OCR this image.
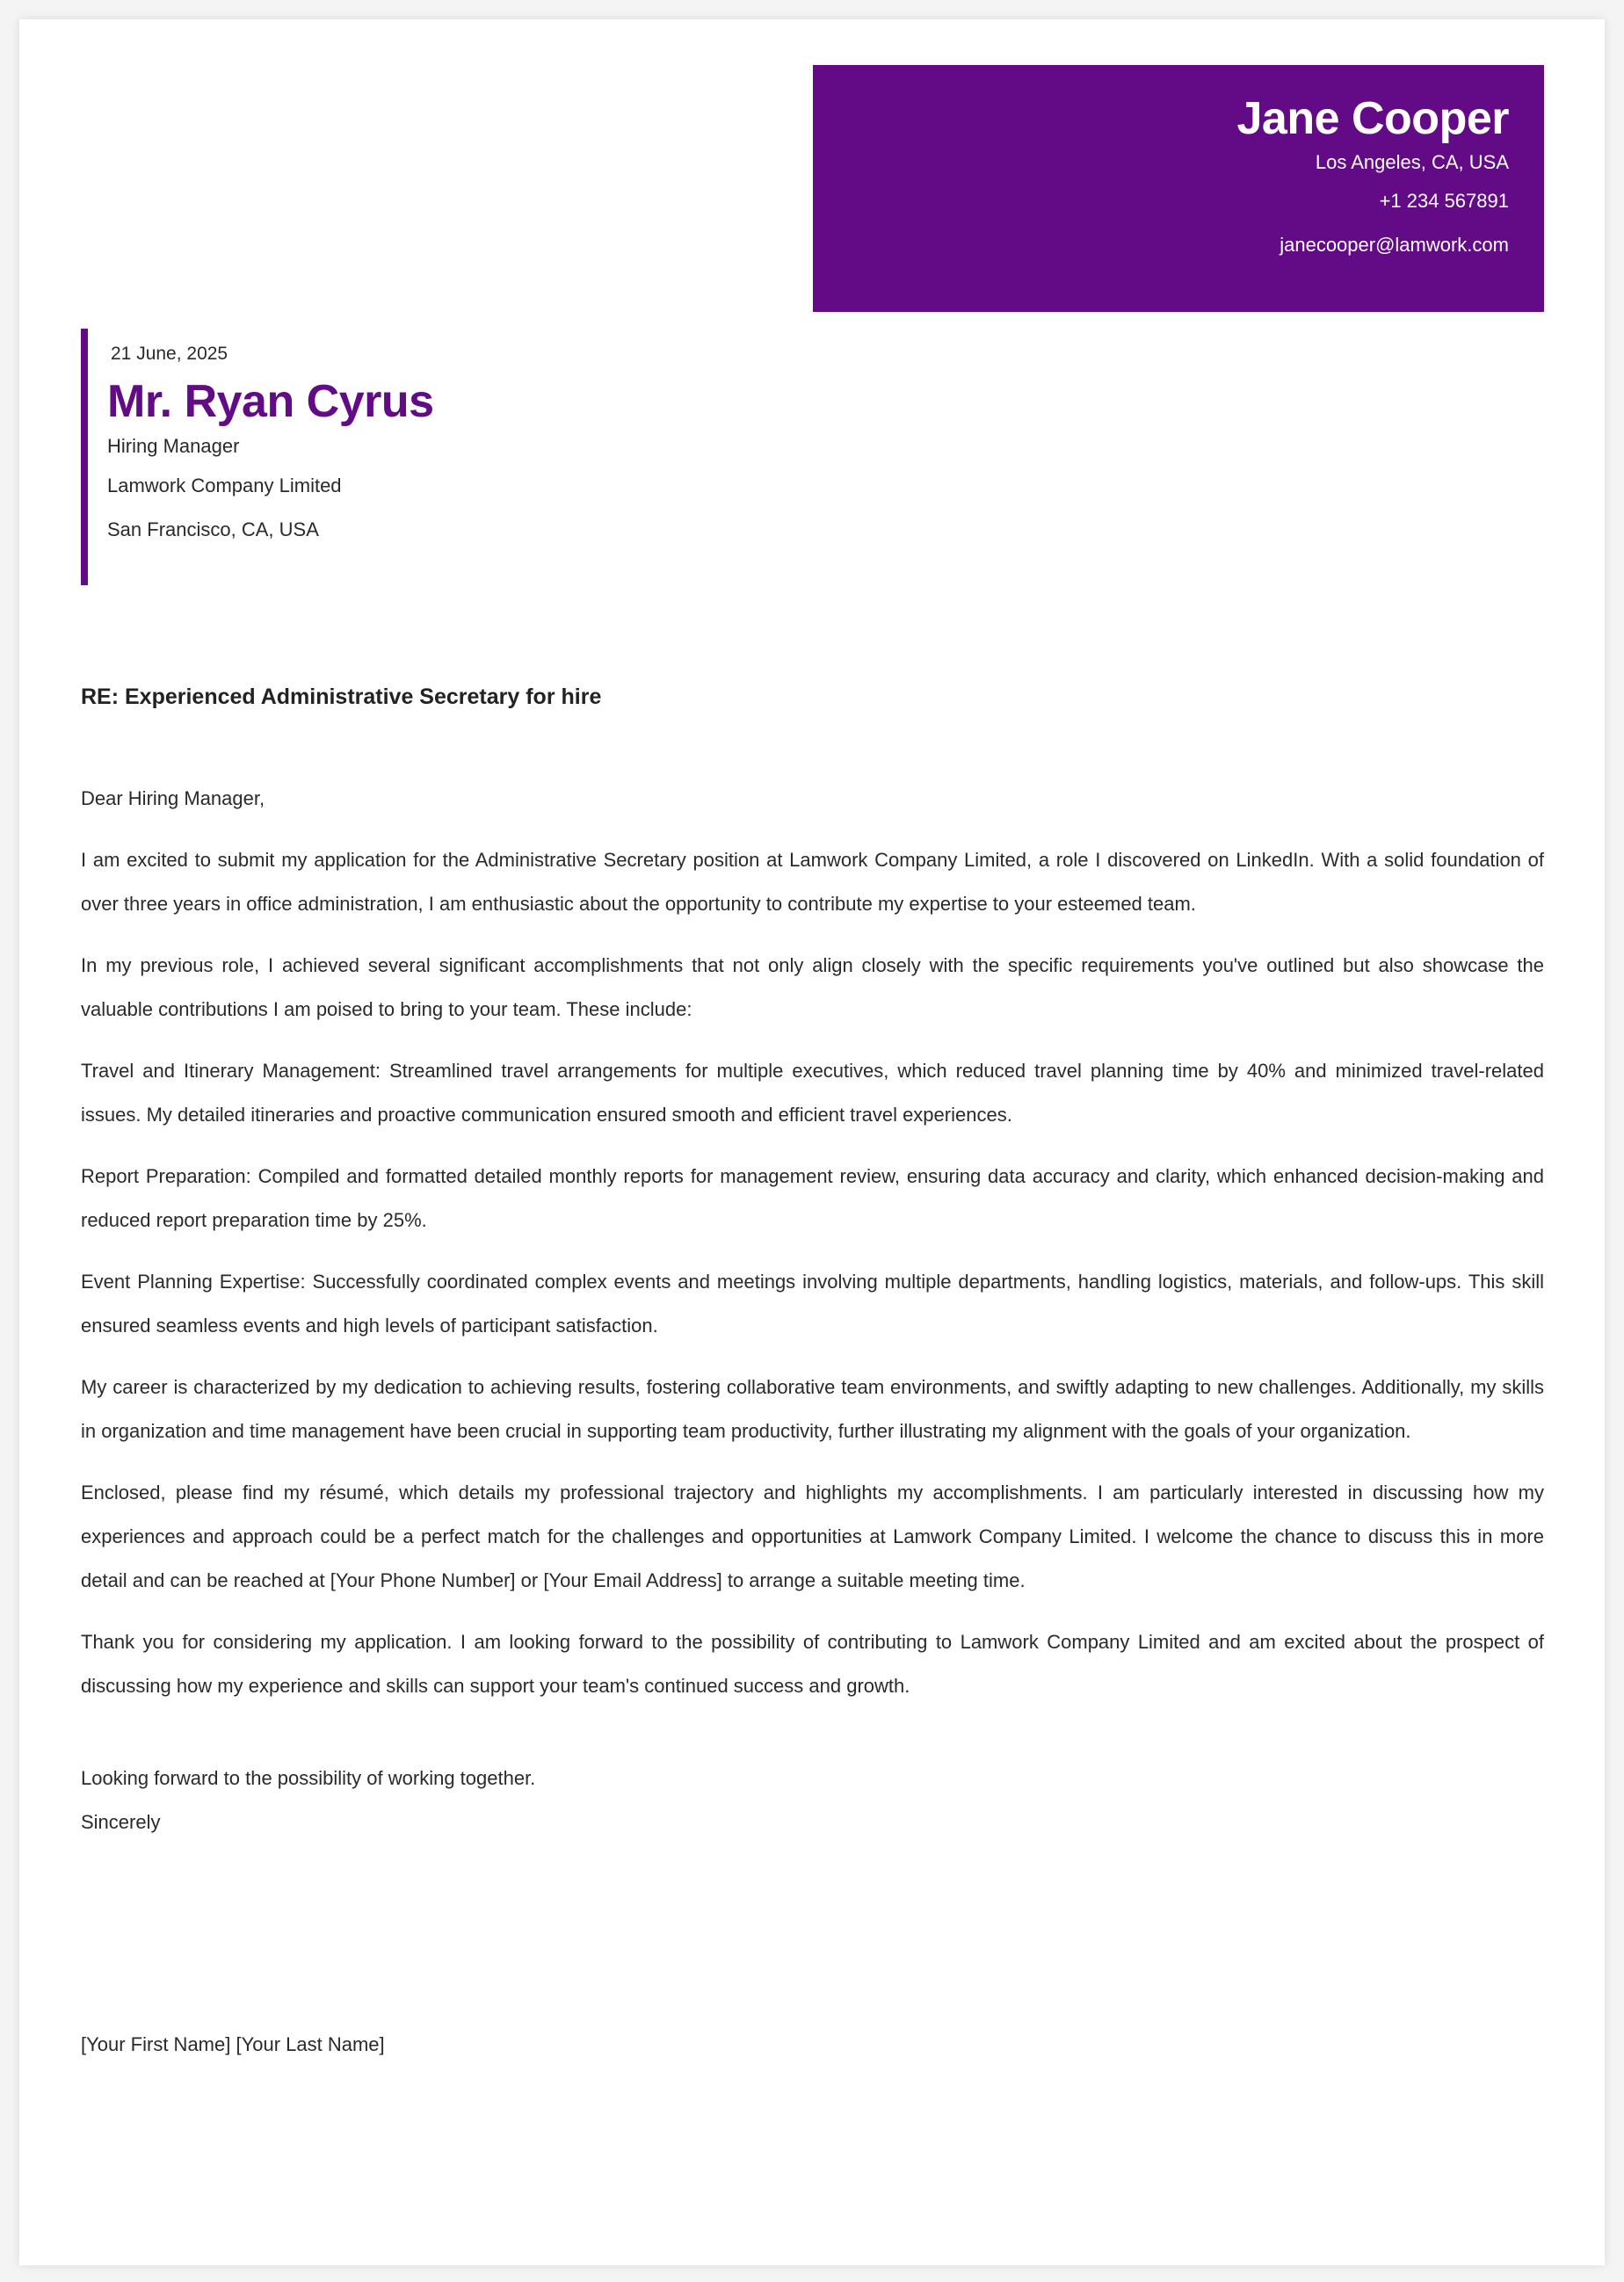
Jane Cooper
Los Angeles, CA, USA
+1 234 567891
janecooper@lamwork.com
21 June, 2025
Mr. Ryan Cyrus
Hiring Manager
Lamwork Company Limited
San Francisco, CA, USA
RE: Experienced Administrative Secretary for hire

Dear Hiring Manager,

I am excited to submit my application for the Administrative Secretary position at Lamwork Company Limited, a role I discovered on LinkedIn. With a solid foundation of over three years in office administration, I am enthusiastic about the opportunity to contribute my expertise to your esteemed team.

In my previous role, I achieved several significant accomplishments that not only align closely with the specific requirements you've outlined but also showcase the valuable contributions I am poised to bring to your team. These include:

Travel and Itinerary Management: Streamlined travel arrangements for multiple executives, which reduced travel planning time by 40% and minimized travel-related issues. My detailed itineraries and proactive communication ensured smooth and efficient travel experiences.

Report Preparation: Compiled and formatted detailed monthly reports for management review, ensuring data accuracy and clarity, which enhanced decision-making and reduced report preparation time by 25%.

Event Planning Expertise: Successfully coordinated complex events and meetings involving multiple departments, handling logistics, materials, and follow-ups. This skill ensured seamless events and high levels of participant satisfaction.

My career is characterized by my dedication to achieving results, fostering collaborative team environments, and swiftly adapting to new challenges. Additionally, my skills in organization and time management have been crucial in supporting team productivity, further illustrating my alignment with the goals of your organization.

Enclosed, please find my résumé, which details my professional trajectory and highlights my accomplishments. I am particularly interested in discussing how my experiences and approach could be a perfect match for the challenges and opportunities at Lamwork Company Limited. I welcome the chance to discuss this in more detail and can be reached at [Your Phone Number] or [Your Email Address] to arrange a suitable meeting time.

Thank you for considering my application. I am looking forward to the possibility of contributing to Lamwork Company Limited and am excited about the prospect of discussing how my experience and skills can support your team's continued success and growth.

Looking forward to the possibility of working together.
Sincerely
[Your First Name] [Your Last Name]
